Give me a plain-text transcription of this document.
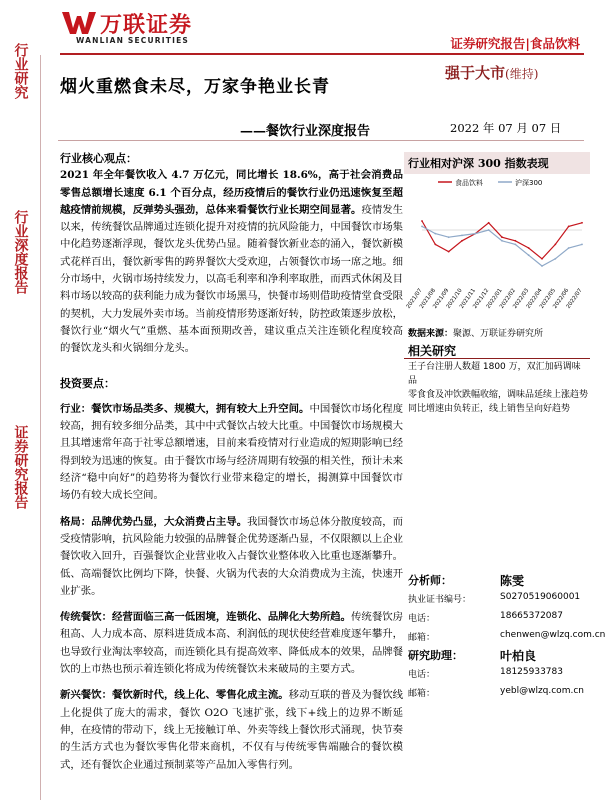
万联证券
WANLIAN SECURITIES	证券研究报告|食品饮料
行业研究
行业深度报告
证券研究报告
烟火重燃食未尽，万家争艳业长青
——餐饮行业深度报告
强于大市(维持)
2022 年 07 月 07 日
行业核心观点：

2021 年全年餐饮收入 4.7 万亿元，同比增长 18.6%，高于社会消费品零售总额增长速度 6.1 个百分点，经历疫情后的餐饮行业仍迅速恢复至超越疫情前规模，反弹势头强劲，总体来看餐饮行业长期空间显著。疫情发生以来，传统餐饮品牌通过连锁化提升对疫情的抗风险能力，中国餐饮市场集中化趋势逐渐浮现，餐饮龙头优势凸显。随着餐饮新业态的涌入，餐饮新模式花样百出，餐饮新零售的跨界餐饮大受欢迎，占领餐饮市场一席之地。细分市场中，火锅市场持续发力，以高毛利率和净利率取胜，而西式休闲及目料市场以较高的获利能力成为餐饮市场黑马，快餐市场则借助疫情堂食受限的契机，大力发展外卖市场。当前疫情形势逐渐好转，防控政策逐步放松，餐饮行业“烟火气”重燃、基本面预期改善，建议重点关注连锁化程度较高的餐饮龙头和火锅细分龙头。

投资要点：

行业：餐饮市场品类多、规模大，拥有较大上升空间。中国餐饮市场化程度较高，拥有较多细分品类，其中中式餐饮占较大比重。中国餐饮市场规模大且其增速常年高于社零总额增速，目前来看疫情对行业造成的短期影响已经得到较为迅速的恢复。由于餐饮市场与经济周期有较强的相关性，预计未来经济“稳中向好”的趋势将为餐饮行业带来稳定的增长，揭测算中国餐饮市场仍有较大成长空间。

格局：品牌优势凸显，大众消费占主导。我国餐饮市场总体分散度较高，而受疫情影响，抗风险能力较强的品牌餐企优势逐渐凸显，不仅限额以上企业餐饮收入回升，百强餐饮企业营业收入占餐饮业整体收入比重也逐渐攀升。低、高端餐饮比例均下降，快餐、火锅为代表的大众消费成为主流，快速开业扩张。

传统餐饮：经营面临三高一低困境，连锁化、品牌化大势所趋。传统餐饮房租高、人力成本高、原料进货成本高、利润低的现状使经营难度逐年攀升，也导致行业淘汰率较高，而连锁化具有提高效率、降低成本的效果，品牌餐饮的上市热也预示着连锁化将成为传统餐饮未来破局的主要方式。

新兴餐饮：餐饮新时代，线上化、零售化成主流。移动互联的普及为餐饮线上化提供了庞大的需求，餐饮 O2O 飞速扩张，线下+线上的边界不断延伸，在疫情的带动下，线上无接触订单、外卖等线上餐饮形式涌现，快节奏的生活方式也为餐饮零售化带来商机，不仅有与传统零售端融合的餐饮模式，还有餐饮企业通过预制菜等产品加入零售行列。

行业相对沪深 300 指数表现
食品饮料	沪深300
2021/07
2021/08
2021/09
2021/10
2021/11
2021/12
2022/01
2022/02
2022/03
2022/04
2022/05
2022/06
2022/07
数据来源：聚源、万联证券研究所
相关研究
王子台注册人数超 1800 万，双汇加码调味品
零食食及冲饮跌幅收缩，调味品延续上涨趋势
同比增速由负转正，线上销售呈向好趋势
分析师：	陈雯
执业证书编号：	S0270519060001
电话：	18665372087
邮箱：	chenwen@wlzq.com.cn
研究助理：	叶柏良
电话：	18125933783
邮箱：	yebl@wlzq.com.cn
